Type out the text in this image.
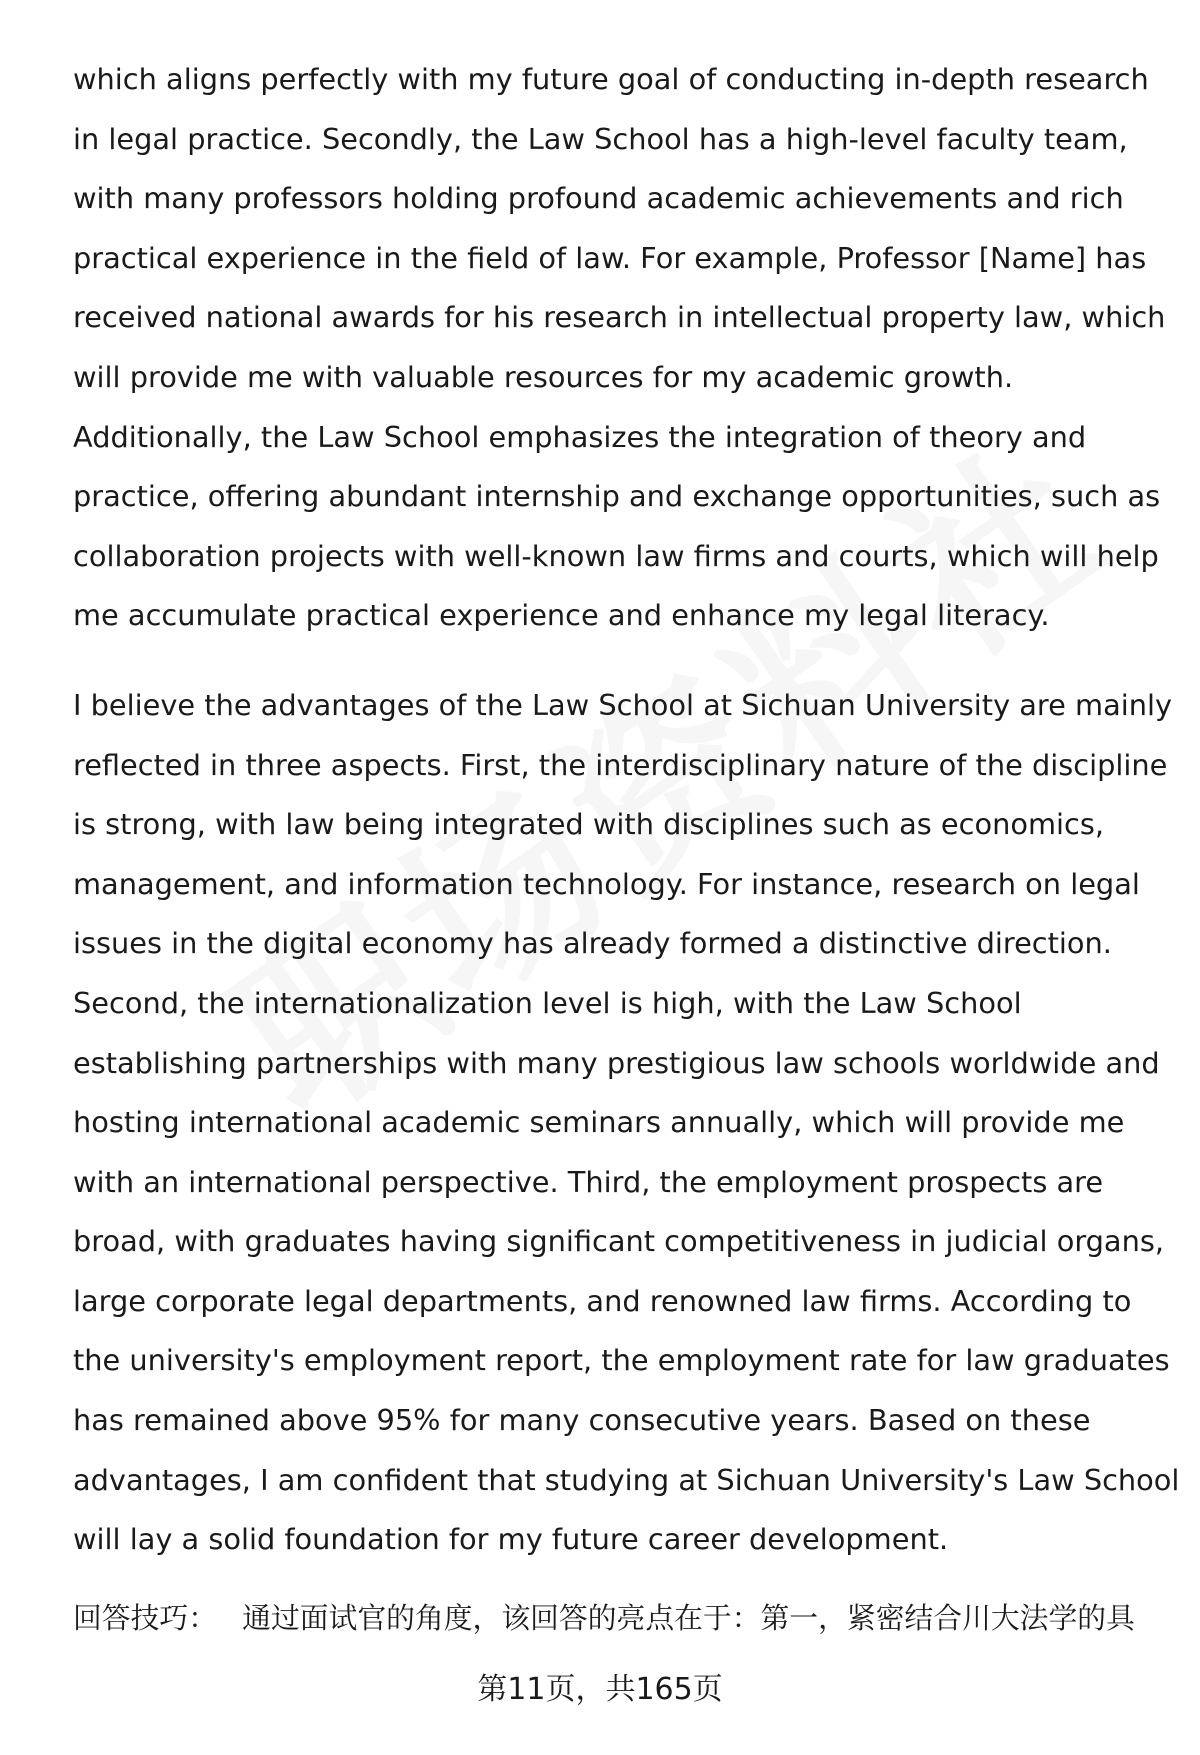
which aligns perfectly with my future goal of conducting in-depth research
in legal practice. Secondly, the Law School has a high-level faculty team,
with many professors holding profound academic achievements and rich
practical experience in the field of law. For example, Professor [Name] has
received national awards for his research in intellectual property law, which
will provide me with valuable resources for my academic growth.
Additionally, the Law School emphasizes the integration of theory and
practice, offering abundant internship and exchange opportunities, such as
collaboration projects with well-known law firms and courts, which will help
me accumulate practical experience and enhance my legal literacy.
I believe the advantages of the Law School at Sichuan University are mainly
reflected in three aspects. First, the interdisciplinary nature of the discipline
is strong, with law being integrated with disciplines such as economics,
management, and information technology. For instance, research on legal
issues in the digital economy has already formed a distinctive direction.
Second, the internationalization level is high, with the Law School
establishing partnerships with many prestigious law schools worldwide and
hosting international academic seminars annually, which will provide me
with an international perspective. Third, the employment prospects are
broad, with graduates having significant competitiveness in judicial organs,
large corporate legal departments, and renowned law firms. According to
the university's employment report, the employment rate for law graduates
has remained above 95% for many consecutive years. Based on these
advantages, I am confident that studying at Sichuan University's Law School
will lay a solid foundation for my future career development.
回答技巧： 通过面试官的角度，该回答的亮点在于：第一，紧密结合川大法学的具
第11页，共165页
